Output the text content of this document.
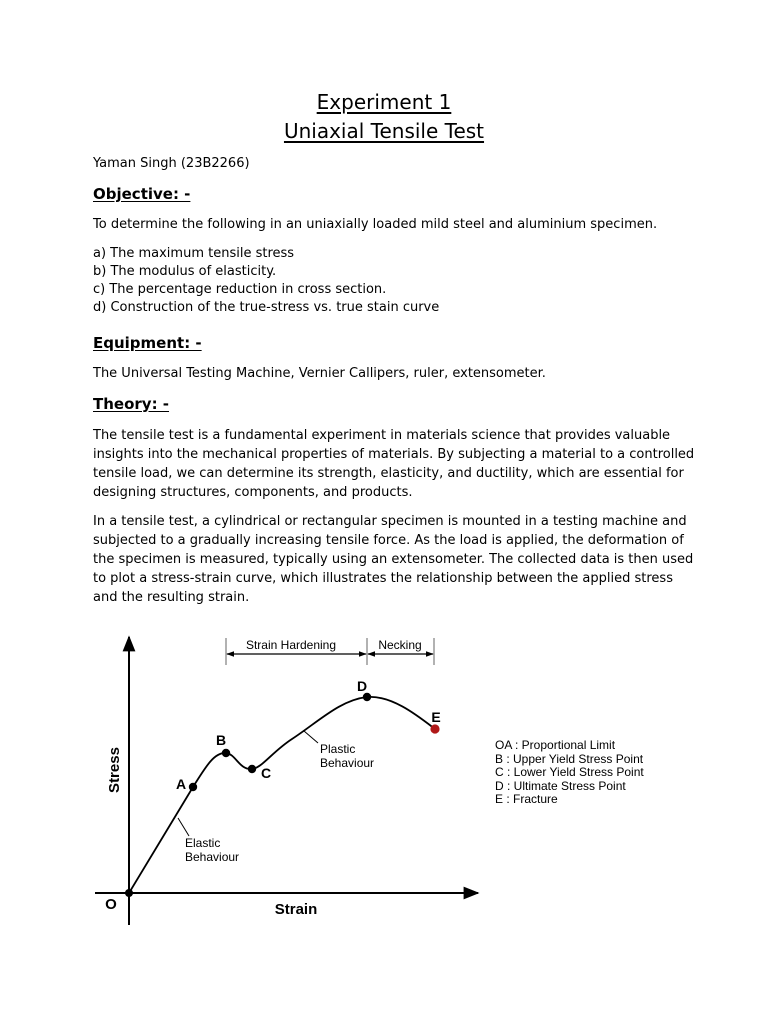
Experiment 1
Uniaxial Tensile Test
Yaman Singh (23B2266)
Objective: -
To determine the following in an uniaxially loaded mild steel and aluminium specimen.
a) The maximum tensile stress
b) The modulus of elasticity.
c) The percentage reduction in cross section.
d) Construction of the true-stress vs. true stain curve
Equipment: -
The Universal Testing Machine, Vernier Callipers, ruler, extensometer.
Theory: -
The tensile test is a fundamental experiment in materials science that provides valuable
insights into the mechanical properties of materials. By subjecting a material to a controlled
tensile load, we can determine its strength, elasticity, and ductility, which are essential for
designing structures, components, and products.
In a tensile test, a cylindrical or rectangular specimen is mounted in a testing machine and
subjected to a gradually increasing tensile force. As the load is applied, the deformation of
the specimen is measured, typically using an extensometer. The collected data is then used
to plot a stress-strain curve, which illustrates the relationship between the applied stress
and the resulting strain.
Strain
Stress
O
Strain Hardening	Necking
A
B
C
D
E
Elastic
Behaviour
Plastic
Behaviour
OA : Proportional Limit
B : Upper Yield Stress Point
C : Lower Yield Stress Point
D : Ultimate Stress Point
E : Fracture
